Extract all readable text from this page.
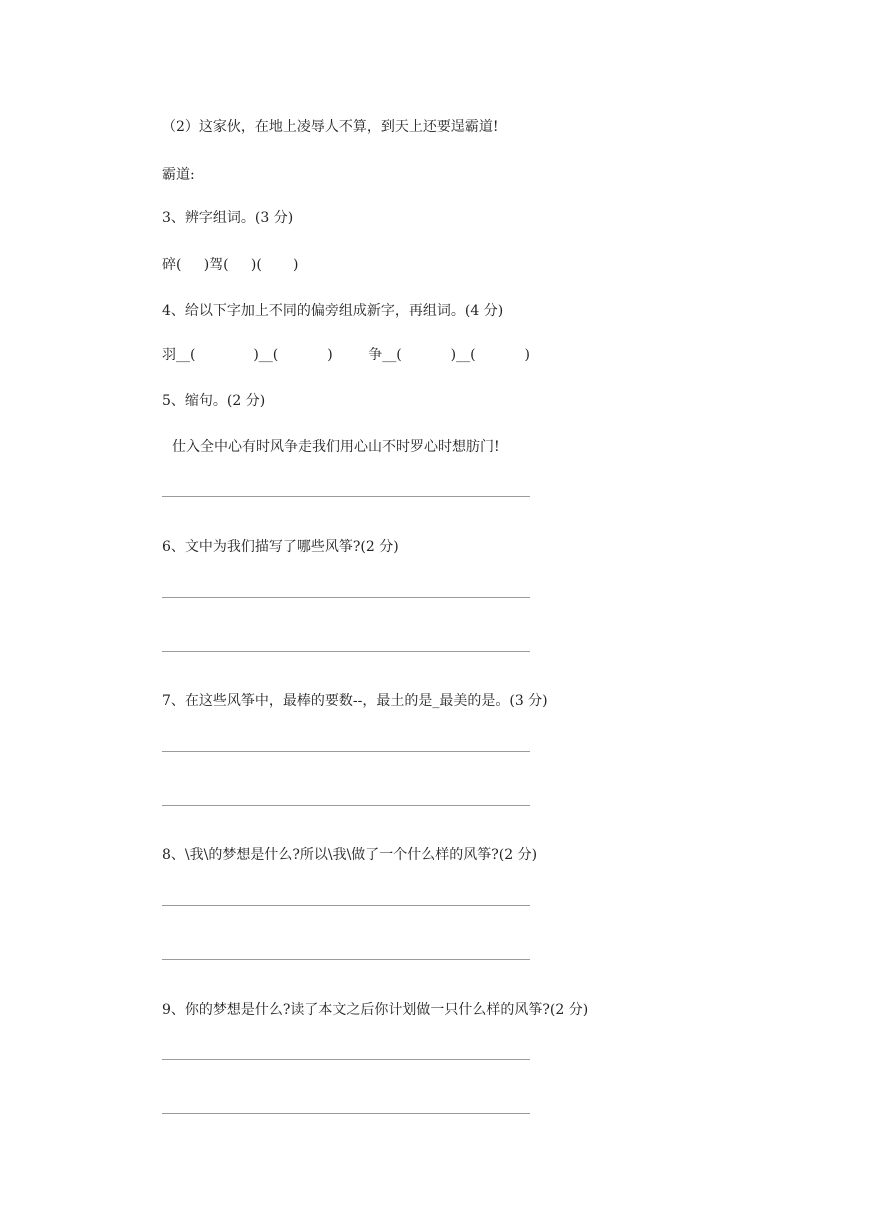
（2）这家伙，在地上凌辱人不算，到天上还要逞霸道!
霸道:
3、辨字组词。(3 分)
碎(     )驾(     )(       )
4、给以下字加上不同的偏旁组成新字，再组词。(4 分)
羽__(             )__(           )        争__(           )__(           )
5、缩句。(2 分)
仕入全中心有时风争走我们用心山不时罗心时想肪门!
6、文中为我们描写了哪些风筝?(2 分)
7、在这些风筝中，最棒的要数--，最土的是_最美的是。(3 分)
8、\我\的梦想是什么?所以\我\做了一个什么样的风筝?(2 分)
9、你的梦想是什么?读了本文之后你计划做一只什么样的风筝?(2 分)
